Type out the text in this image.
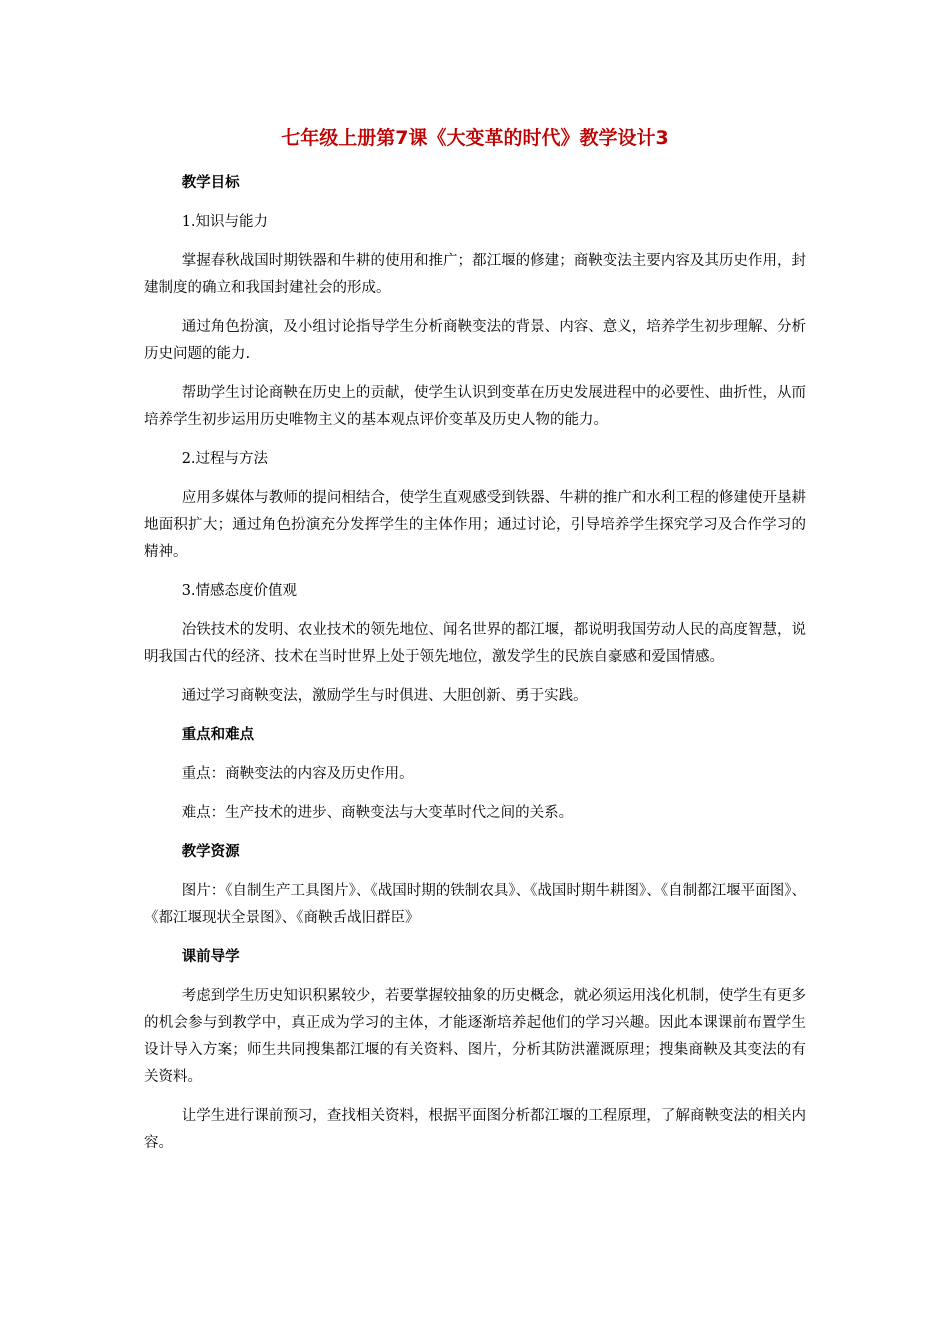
七年级上册第7课《大变革的时代》教学设计3
教学目标
1.知识与能力
掌握春秋战国时期铁器和牛耕的使用和推广；都江堰的修建；商鞅变法主要内容及其历史作用，封建制度的确立和我国封建社会的形成。
通过角色扮演，及小组讨论指导学生分析商鞅变法的背景、内容、意义，培养学生初步理解、分析历史问题的能力.
帮助学生讨论商鞅在历史上的贡献，使学生认识到变革在历史发展进程中的必要性、曲折性，从而培养学生初步运用历史唯物主义的基本观点评价变革及历史人物的能力。
2.过程与方法
应用多媒体与教师的提问相结合，使学生直观感受到铁器、牛耕的推广和水利工程的修建使开垦耕地面积扩大；通过角色扮演充分发挥学生的主体作用；通过讨论，引导培养学生探究学习及合作学习的精神。
3.情感态度价值观
冶铁技术的发明、农业技术的领先地位、闻名世界的都江堰，都说明我国劳动人民的高度智慧，说明我国古代的经济、技术在当时世界上处于领先地位，激发学生的民族自豪感和爱国情感。
通过学习商鞅变法，激励学生与时俱进、大胆创新、勇于实践。
重点和难点
重点：商鞅变法的内容及历史作用。
难点：生产技术的进步、商鞅变法与大变革时代之间的关系。
教学资源
图片：《自制生产工具图片》、《战国时期的铁制农具》、《战国时期牛耕图》、《自制都江堰平面图》、《都江堰现状全景图》、《商鞅舌战旧群臣》
课前导学
考虑到学生历史知识积累较少，若要掌握较抽象的历史概念，就必须运用浅化机制，使学生有更多的机会参与到教学中，真正成为学习的主体，才能逐渐培养起他们的学习兴趣。因此本课课前布置学生设计导入方案；师生共同搜集都江堰的有关资料、图片，分析其防洪灌溉原理；搜集商鞅及其变法的有关资料。
让学生进行课前预习，查找相关资料，根据平面图分析都江堰的工程原理，了解商鞅变法的相关内容。
